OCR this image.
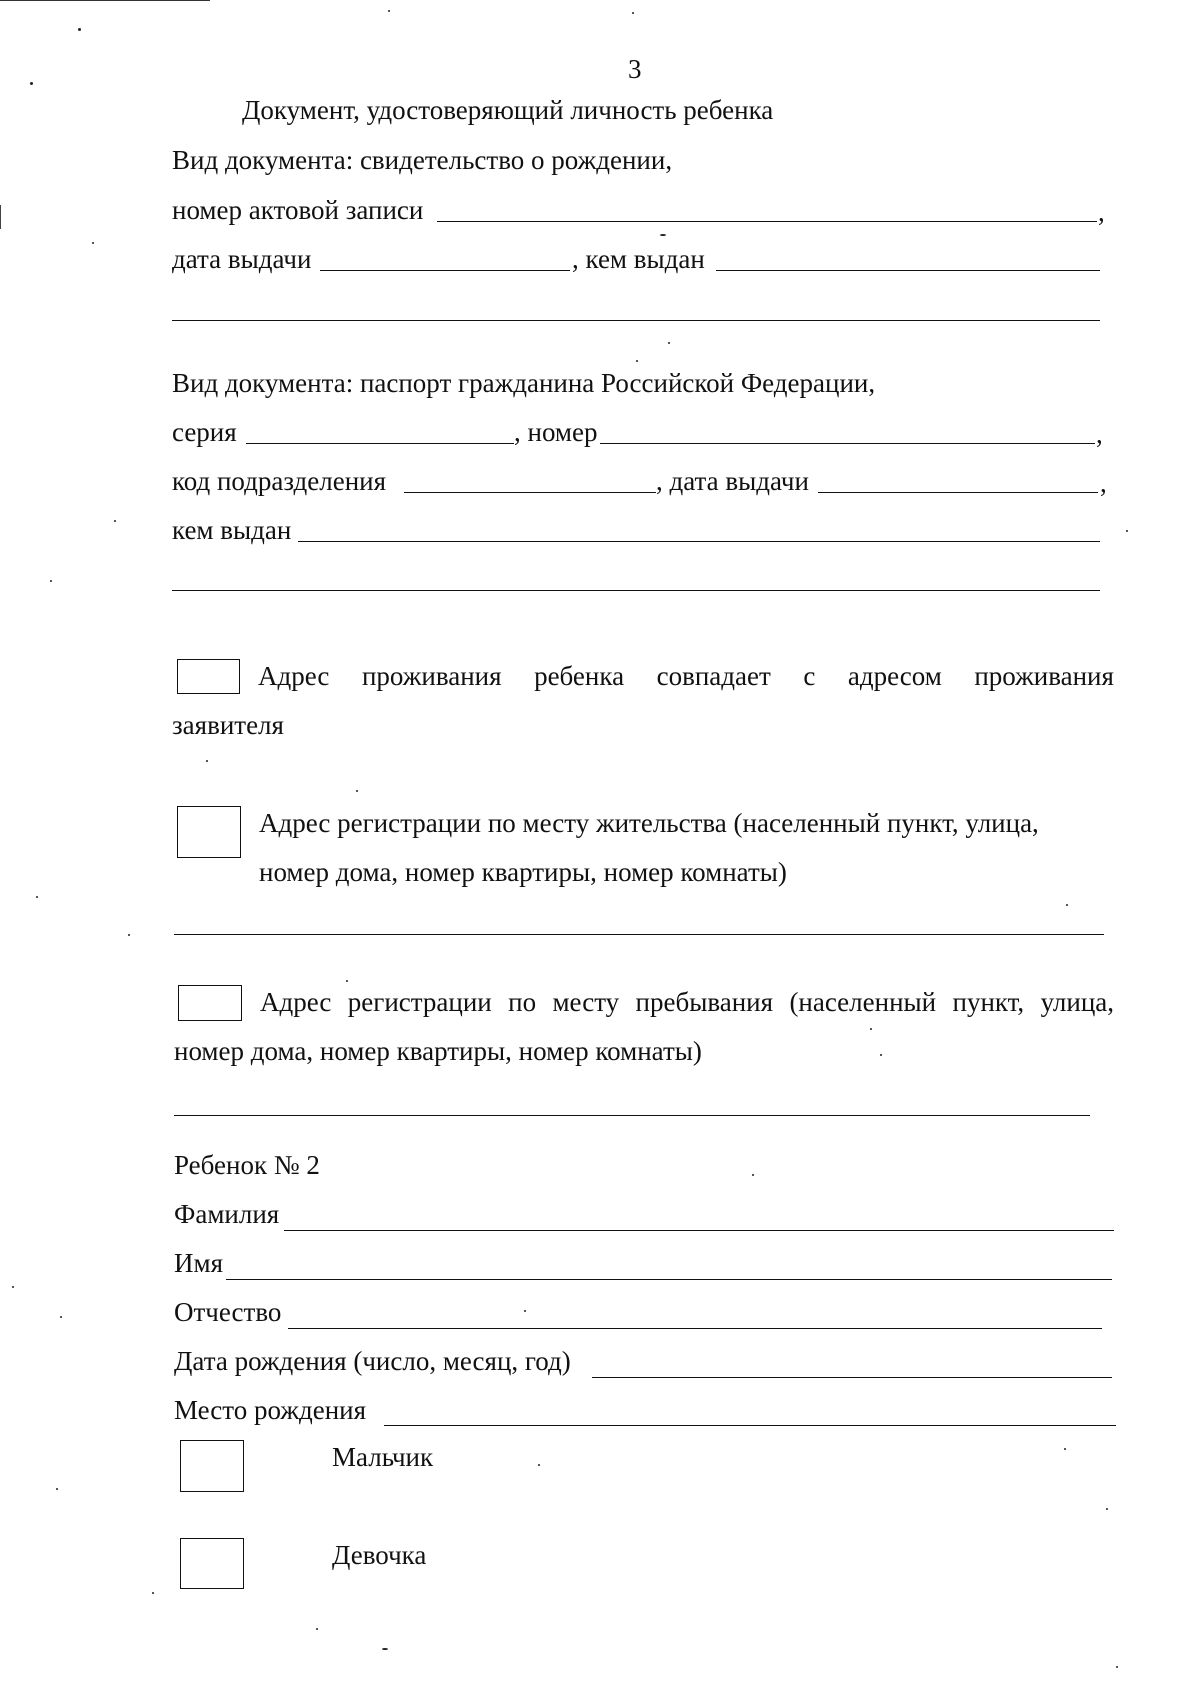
3
Документ, удостоверяющий личность ребенка
Вид документа: свидетельство о рождении,
номер актовой записи	,
дата выдачи	, кем выдан
Вид документа: паспорт гражданина Российской Федерации,
серия	, номер	,
код подразделения	, дата выдачи	,
кем выдан
Адрес проживания ребенка совпадает с адресом проживания
заявителя
Адрес регистрации по месту жительства (населенный пункт, улица,
номер дома, номер квартиры, номер комнаты)
Адрес регистрации по месту пребывания (населенный пункт, улица,
номер дома, номер квартиры, номер комнаты)
Ребенок № 2
Фамилия
Имя
Отчество
Дата рождения (число, месяц, год)
Место рождения
Мальчик
Девочка
